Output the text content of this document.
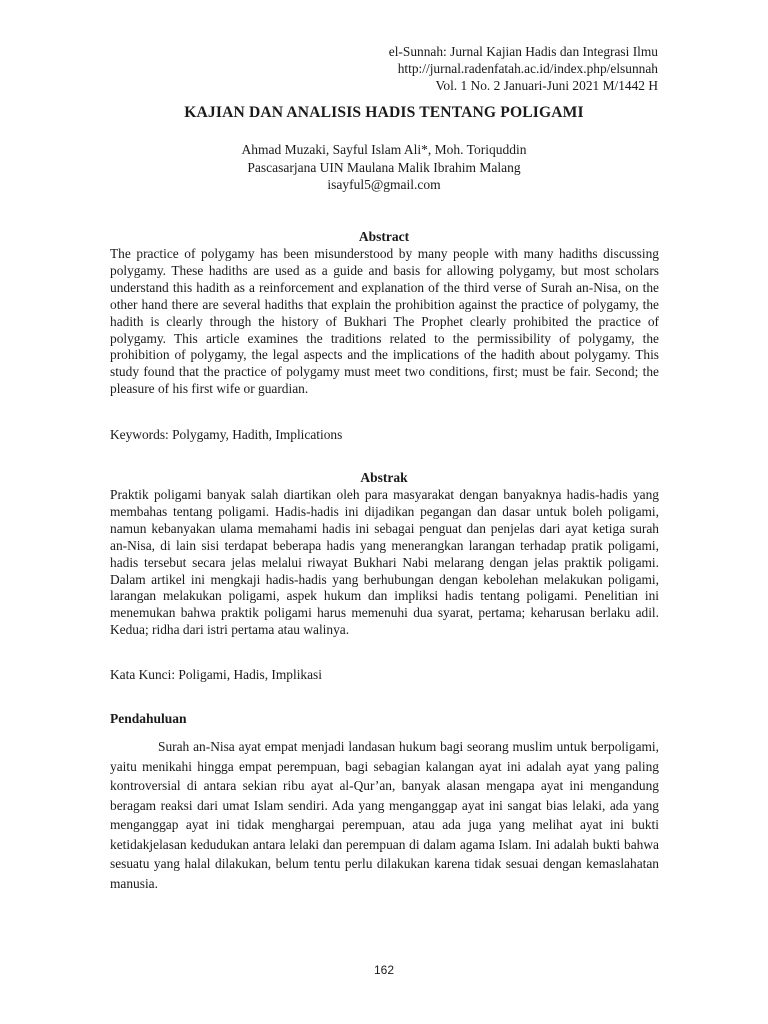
el-Sunnah: Jurnal Kajian Hadis dan Integrasi Ilmu
http://jurnal.radenfatah.ac.id/index.php/elsunnah
Vol. 1 No. 2 Januari-Juni 2021 M/1442 H
KAJIAN DAN ANALISIS HADIS TENTANG POLIGAMI
Ahmad Muzaki, Sayful Islam Ali*, Moh. Toriquddin
Pascasarjana UIN Maulana Malik Ibrahim Malang
isayful5@gmail.com
Abstract
The practice of polygamy has been misunderstood by many people with many hadiths discussing polygamy. These hadiths are used as a guide and basis for allowing polygamy, but most scholars understand this hadith as a reinforcement and explanation of the third verse of Surah an-Nisa, on the other hand there are several hadiths that explain the prohibition against the practice of polygamy, the hadith is clearly through the history of Bukhari The Prophet clearly prohibited the practice of polygamy. This article examines the traditions related to the permissibility of polygamy, the prohibition of polygamy, the legal aspects and the implications of the hadith about polygamy. This study found that the practice of polygamy must meet two conditions, first; must be fair. Second; the pleasure of his first wife or guardian.
Keywords: Polygamy, Hadith, Implications
Abstrak
Praktik poligami banyak salah diartikan oleh para masyarakat dengan banyaknya hadis-hadis yang membahas tentang poligami. Hadis-hadis ini dijadikan pegangan dan dasar untuk boleh poligami, namun kebanyakan ulama memahami hadis ini sebagai penguat dan penjelas dari ayat ketiga surah an-Nisa, di lain sisi terdapat beberapa hadis yang menerangkan larangan terhadap pratik poligami, hadis tersebut secara jelas melalui riwayat Bukhari Nabi melarang dengan jelas praktik poligami. Dalam artikel ini mengkaji hadis-hadis yang berhubungan dengan kebolehan melakukan poligami, larangan melakukan poligami, aspek hukum dan impliksi hadis tentang poligami. Penelitian ini menemukan bahwa praktik poligami harus memenuhi dua syarat, pertama; keharusan berlaku adil. Kedua; ridha dari istri pertama atau walinya.
Kata Kunci: Poligami, Hadis, Implikasi
Pendahuluan
Surah an-Nisa ayat empat menjadi landasan hukum bagi seorang muslim untuk berpoligami, yaitu menikahi hingga empat perempuan, bagi sebagian kalangan ayat ini adalah ayat yang paling kontroversial di antara sekian ribu ayat al-Qur’an, banyak alasan mengapa ayat ini mengandung beragam reaksi dari umat Islam sendiri. Ada yang menganggap ayat ini sangat bias lelaki, ada yang menganggap ayat ini tidak menghargai perempuan, atau ada juga yang melihat ayat ini bukti ketidakjelasan kedudukan antara lelaki dan perempuan di dalam agama Islam. Ini adalah bukti bahwa sesuatu yang halal dilakukan, belum tentu perlu dilakukan karena tidak sesuai dengan kemaslahatan manusia.
162
